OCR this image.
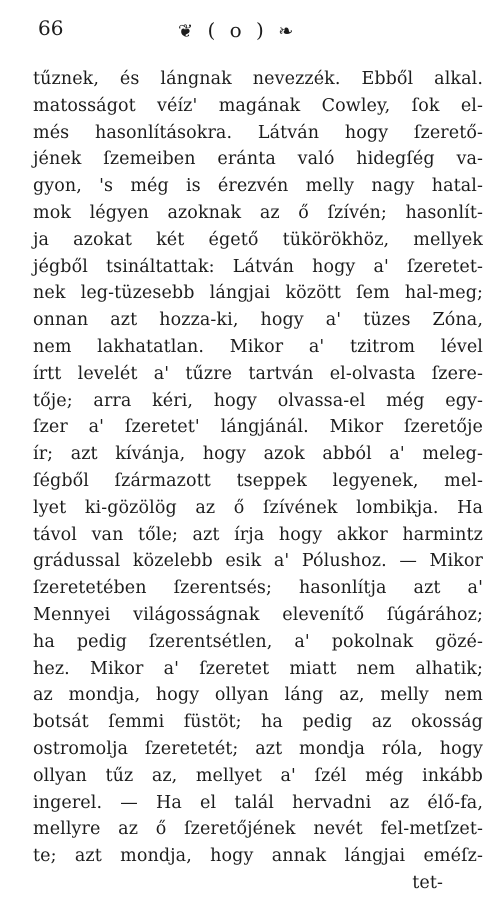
66	❦ ( o ) ❧
tűznek, és lángnak nevezzék. Ebből alkal.
matosságot véíz' magának Cowley, ſok el-
més hasonlításokra. Látván hogy ſzerető-
jének ſzemeiben eránta való hidegſég va-
gyon, 's még is érezvén melly nagy hatal-
mok légyen azoknak az ő ſzívén; hasonlít-
ja azokat két égető tükörökhöz, mellyek
jégből tsináltattak: Látván hogy a' ſzeretet-
nek leg-tüzesebb lángjai között ſem hal-meg;
onnan azt hozza-ki, hogy a' tüzes Zóna,
nem lakhatatlan. Mikor a' tzitrom lével
írtt levelét a' tűzre tartván el-olvasta ſzere-
tője; arra kéri, hogy olvassa-el még egy-
ſzer a' ſzeretet' lángjánál. Mikor ſzeretője
ír; azt kívánja, hogy azok abból a' meleg-
ſégből ſzármazott tseppek legyenek, mel-
lyet ki-gözölög az ő ſzívének lombikja. Ha
távol van tőle; azt írja hogy akkor harmintz
grádussal közelebb esik a' Pólushoz. — Mikor
ſzeretetében ſzerentsés; hasonlítja azt a'
Mennyei világosságnak elevenítő ſúgárához;
ha pedig ſzerentsétlen, a' pokolnak gözé-
hez. Mikor a' ſzeretet miatt nem alhatik;
az mondja, hogy ollyan láng az, melly nem
botsát ſemmi füstöt; ha pedig az okosság
ostromolja ſzeretetét; azt mondja róla, hogy
ollyan tűz az, mellyet a' ſzél még inkább
ingerel. — Ha el talál hervadni az élő-fa,
mellyre az ő ſzeretőjének nevét fel-metſzet-
te; azt mondja, hogy annak lángjai eméſz-
tet-
